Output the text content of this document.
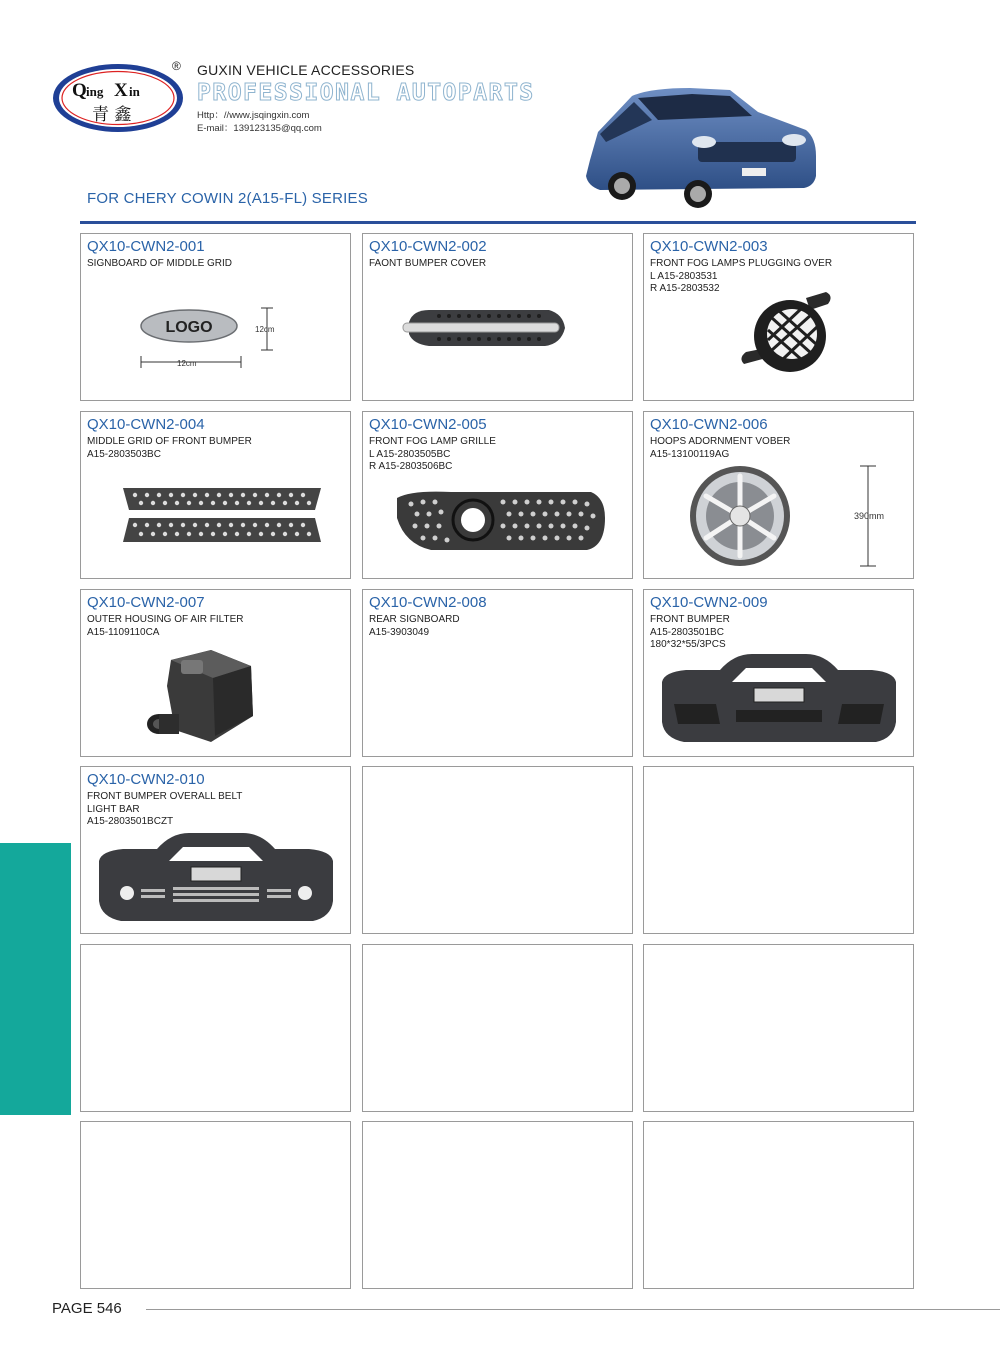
Q ing X in
青 鑫
® GUXIN VEHICLE ACCESSORIES
PROFESSIONAL AUTOPARTS
Http：//www.jsqingxin.com
E-mail：139123135@qq.com
FOR CHERY COWIN 2(A15-FL) SERIES
QX10-CWN2-001
SIGNBOARD OF MIDDLE GRID
LOGO	12cm
12cm
QX10-CWN2-002
FAONT BUMPER COVER
QX10-CWN2-003
FRONT FOG LAMPS PLUGGING OVER
L A15-2803531
R A15-2803532
QX10-CWN2-004
MIDDLE GRID OF FRONT BUMPER
A15-2803503BC
QX10-CWN2-005
FRONT FOG LAMP GRILLE
L A15-2803505BC
R A15-2803506BC
QX10-CWN2-006
HOOPS ADORNMENT VOBER
A15-13100119AG
390mm
QX10-CWN2-007
OUTER HOUSING OF AIR FILTER
A15-1109110CA
QX10-CWN2-008
REAR SIGNBOARD
A15-3903049
QX10-CWN2-009
FRONT BUMPER
A15-2803501BC
180*32*55/3PCS
QX10-CWN2-010
FRONT BUMPER OVERALL BELT
LIGHT BAR
A15-2803501BCZT
PAGE 546
